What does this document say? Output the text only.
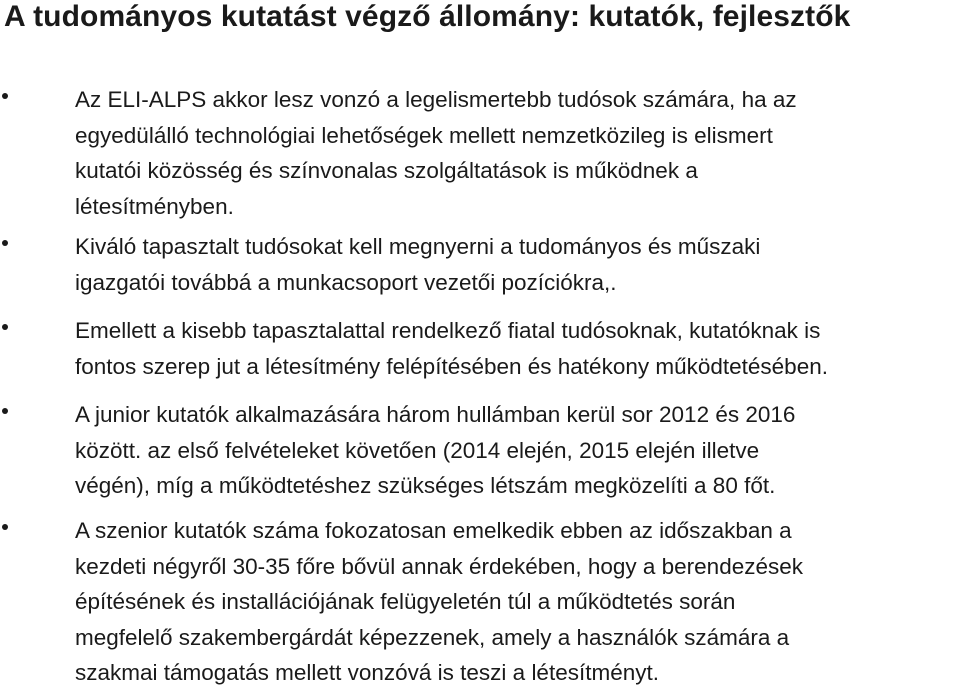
A tudományos kutatást végző állomány: kutatók, fejlesztők
Az ELI-ALPS akkor lesz vonzó a legelismertebb tudósok számára, ha az
egyedülálló technológiai lehetőségek mellett nemzetközileg is elismert
kutatói közösség és színvonalas szolgáltatások is működnek a
létesítményben.
Kiváló tapasztalt tudósokat kell megnyerni a tudományos és műszaki
igazgatói továbbá a munkacsoport vezetői pozíciókra,.
Emellett a kisebb tapasztalattal rendelkező fiatal tudósoknak, kutatóknak is
fontos szerep jut a létesítmény felépítésében és hatékony működtetésében.
A junior kutatók alkalmazására három hullámban kerül sor 2012 és 2016
között. az első felvételeket követően (2014 elején, 2015 elején illetve
végén), míg a működtetéshez szükséges létszám megközelíti a 80 főt.
A szenior kutatók száma fokozatosan emelkedik ebben az időszakban a
kezdeti négyről 30-35 főre bővül annak érdekében, hogy a berendezések
építésének és installációjának felügyeletén túl a működtetés során
megfelelő szakembergárdát képezzenek, amely a használók számára a
szakmai támogatás mellett vonzóvá is teszi a létesítményt.
